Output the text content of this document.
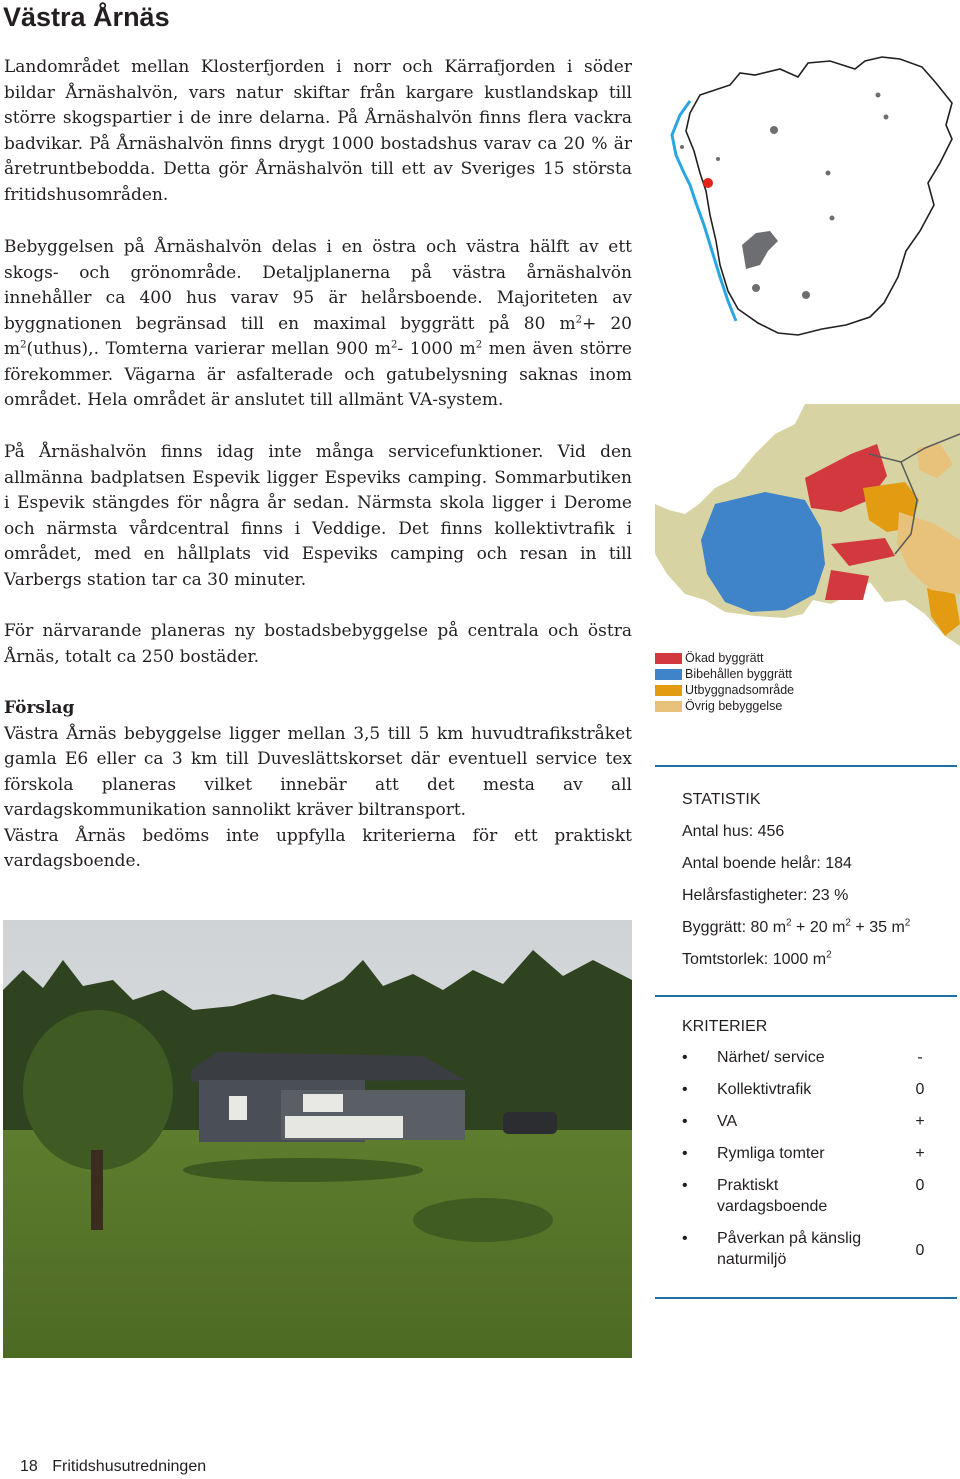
Västra Årnäs

Landområdet mellan Klosterfjorden i norr och Kärrafjorden i söder bildar Årnäshalvön, vars natur skiftar från kargare kustlandskap till större skogspartier i de inre delarna. På Årnäshalvön finns flera vackra badvikar. På Årnäshalvön finns drygt 1000 bostadshus varav ca 20 % är åretruntbebodda. Detta gör Årnäshalvön till ett av Sveriges 15 största fritidshusområden.

Bebyggelsen på Årnäshalvön delas i en östra och västra hälft av ett skogs- och grönområde. Detaljplanerna på västra årnäshalvön innehåller ca 400 hus varav 95 är helårsboende. Majoriteten av byggnationen begränsad till en maximal byggrätt på 80 $m^2+ 20$ $m^2(uthus)$,. Tomterna varierar mellan 900 $m^2-$ 1000 $m^2$ men även större förekommer. Vägarna är asfalterade och gatubelysning saknas inom området. Hela området är anslutet till allmänt VA-system.

På Årnäshalvön finns idag inte många servicefunktioner. Vid den allmänna badplatsen Espevik ligger Espeviks camping. Sommarbutiken i Espevik stängdes för några år sedan. Närmsta skola ligger i Derome och närmsta vårdcentral finns i Veddige. Det finns kollektivtrafik i området, med en hållplats vid Espeviks camping och resan in till Varbergs station tar ca 30 minuter.

För närvarande planeras ny bostadsbebyggelse på centrala och östra Årnäs, totalt ca 250 bostäder.

Förslag
Västra Årnäs bebyggelse ligger mellan 3,5 till 5 km huvudtrafikstråket gamla E6 eller ca 3 km till Duveslättskorset där eventuell service tex förskola planeras vilket innebär att det mesta av all vardagskommunikation sannolikt kräver biltransport.
Västra Årnäs bedöms inte uppfylla kriterierna för ett praktiskt vardagsboende.

Ökad byggrätt
Bibehållen byggrätt
Utbyggnadsområde
Övrig bebyggelse
STATISTIK
Antal hus: 456
Antal boende helår: 184
Helårsfastigheter: 23 %
Byggrätt: 80 $m^2 + 20$ $m^2 + 35$ $m^2$
Tomtstorlek: 1000 $m^2$
KRITERIER
• Närhet/ service	-
• Kollektivtrafik	0
• VA	+
• Rymliga tomter	+
• Praktiskt vardagsboende
0
• Påverkan på känslig naturmiljö
0
18 Fritidshusutredningen
